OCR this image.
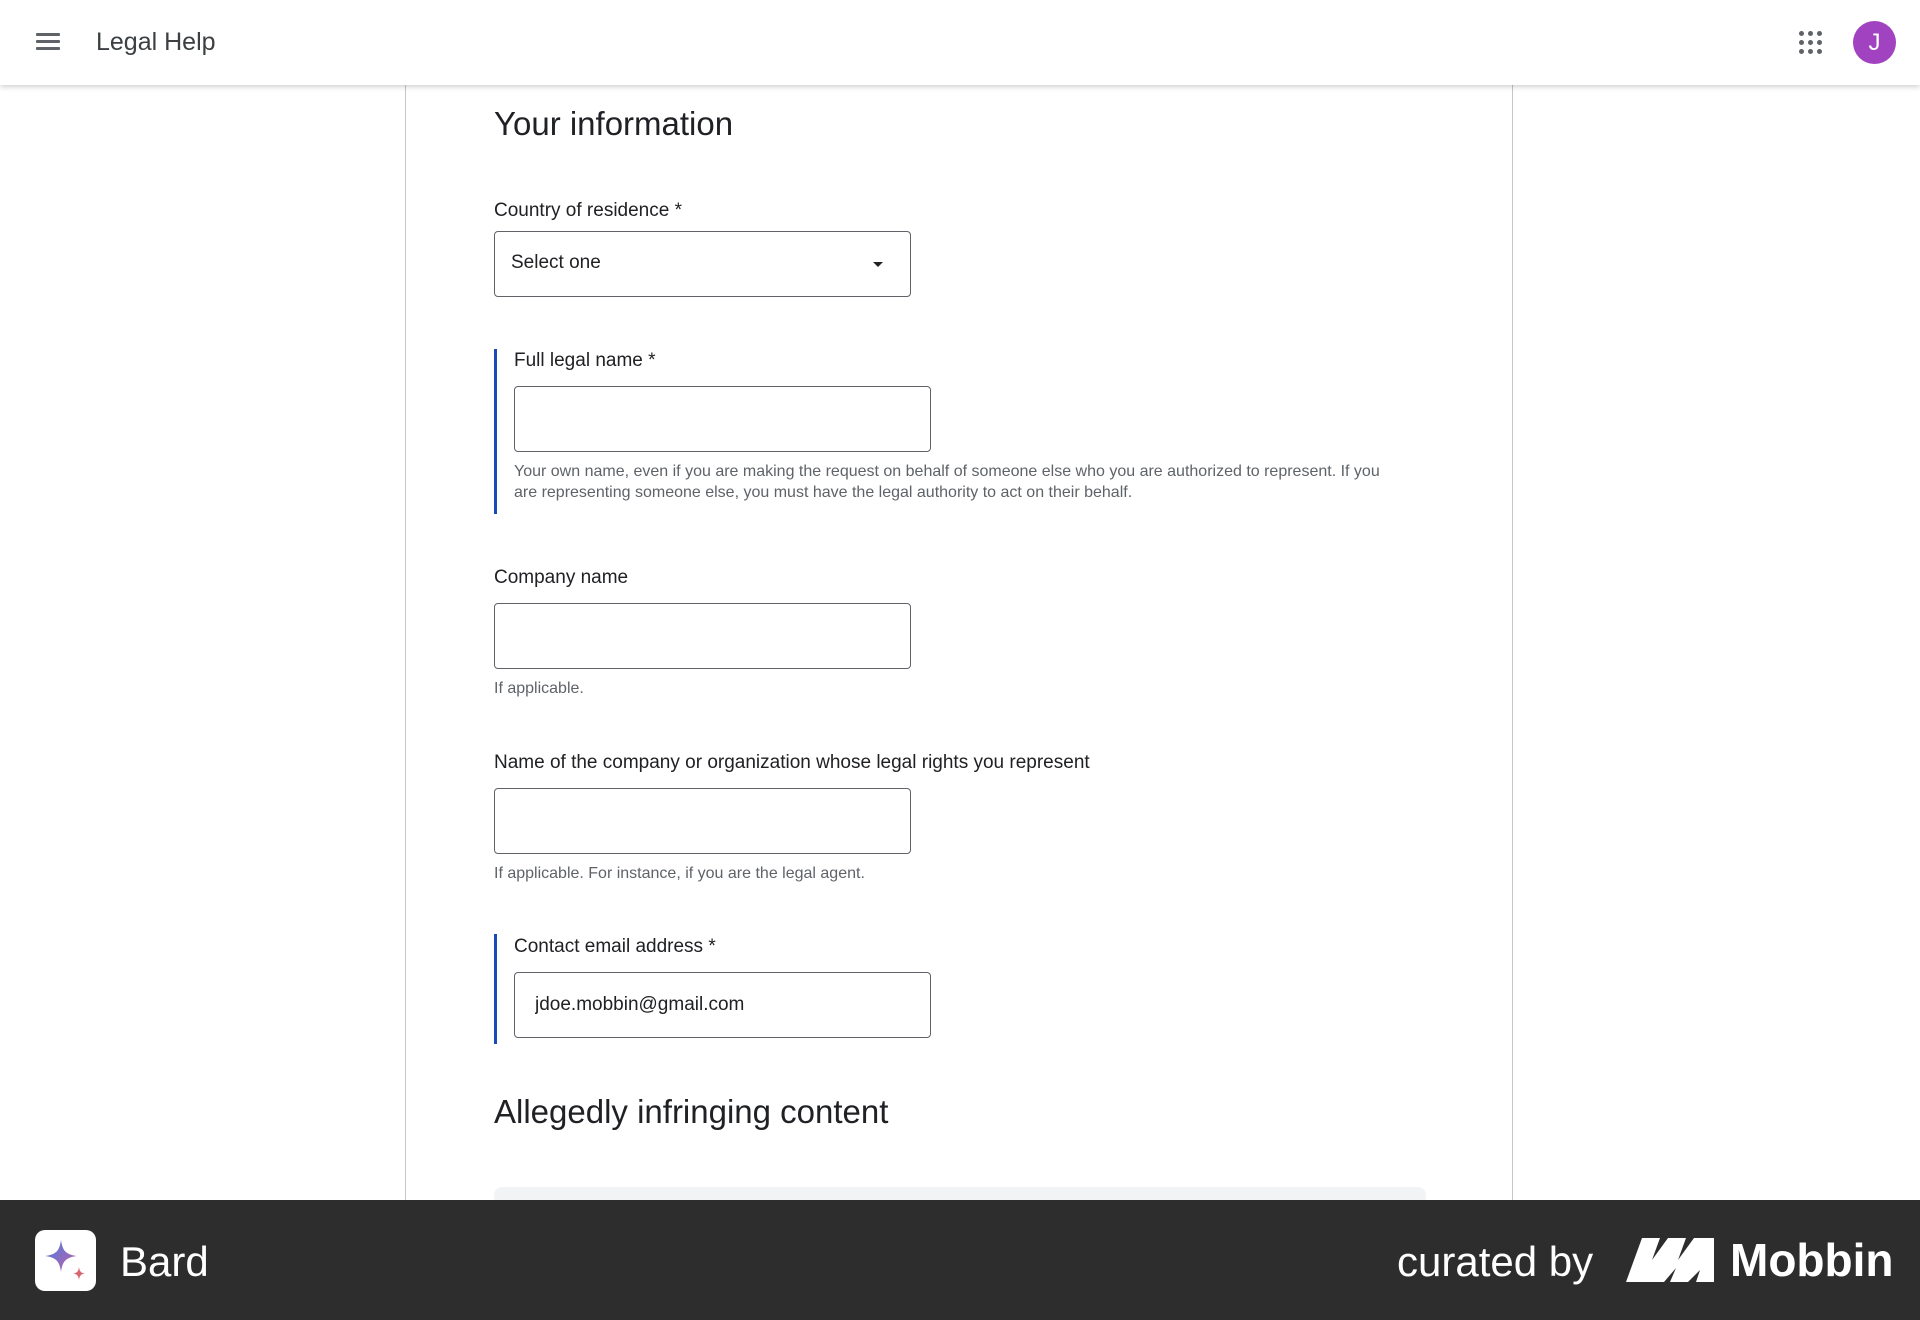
Legal Help	J
Your information
Country of residence *
Select one
Full legal name *
Your own name, even if you are making the request on behalf of someone else who you are authorized to represent. If you are representing someone else, you must have the legal authority to act on their behalf.
Company name
If applicable.
Name of the company or organization whose legal rights you represent
If applicable. For instance, if you are the legal agent.
Contact email address *
jdoe.mobbin@gmail.com
Allegedly infringing content
Bard	curated by	Mobbin
